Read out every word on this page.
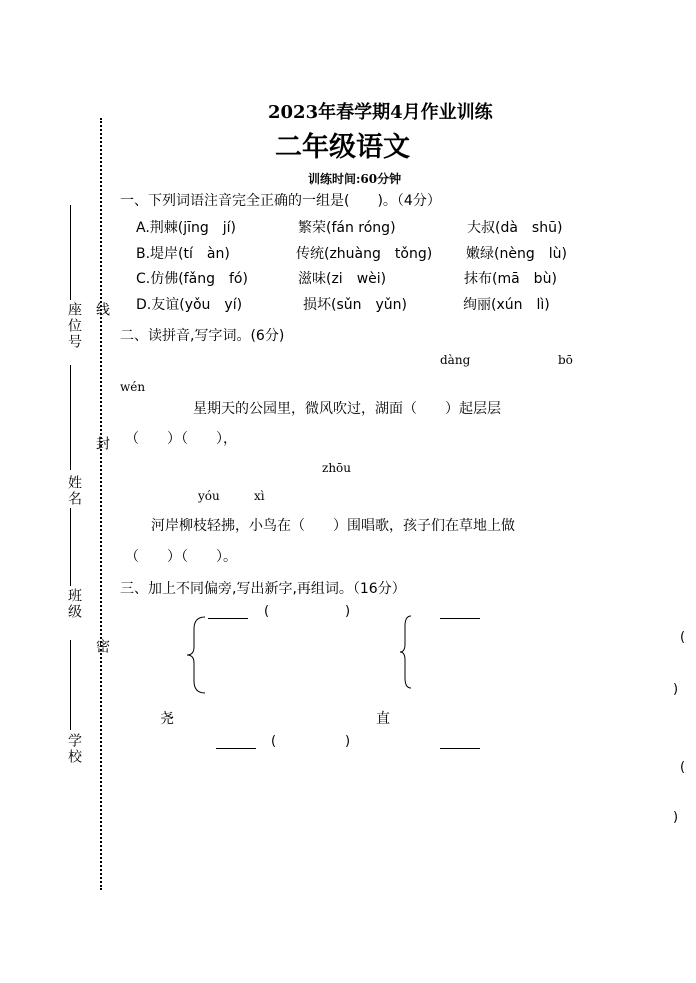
座位号
姓名
班级
学校
线
封
密
2023年春学期4月作业训练
二年级语文
训练时间:60分钟
一、下列词语注音完全正确的一组是(　　)。（4分）
A.荆棘(jīng　jí)	繁荣(fán róng)	大叔(dà　shū)
B.堤岸(tí　àn)	传统(zhuàng　tǒng) 嫩绿(nèng　lù)
C.仿佛(fǎng　fó)	滋味(zi　wèi)	抹布(mā　bù)
D.友谊(yǒu　yí)	损坏(sǔn　yǔn)	绚丽(xún　lì)
二、读拼音,写字词。(6分)
dàng	bō
wén
星期天的公园里，微风吹过，湖面（　　）起层层
（　　）（　　），
zhōu
yóu	xì
河岸柳枝轻拂，小鸟在（　　）围唱歌，孩子们在草地上做
（　　）（　　）。
三、加上不同偏旁,写出新字,再组词。（16分）
(	)
尧	直
(	)
(
)
(
)
